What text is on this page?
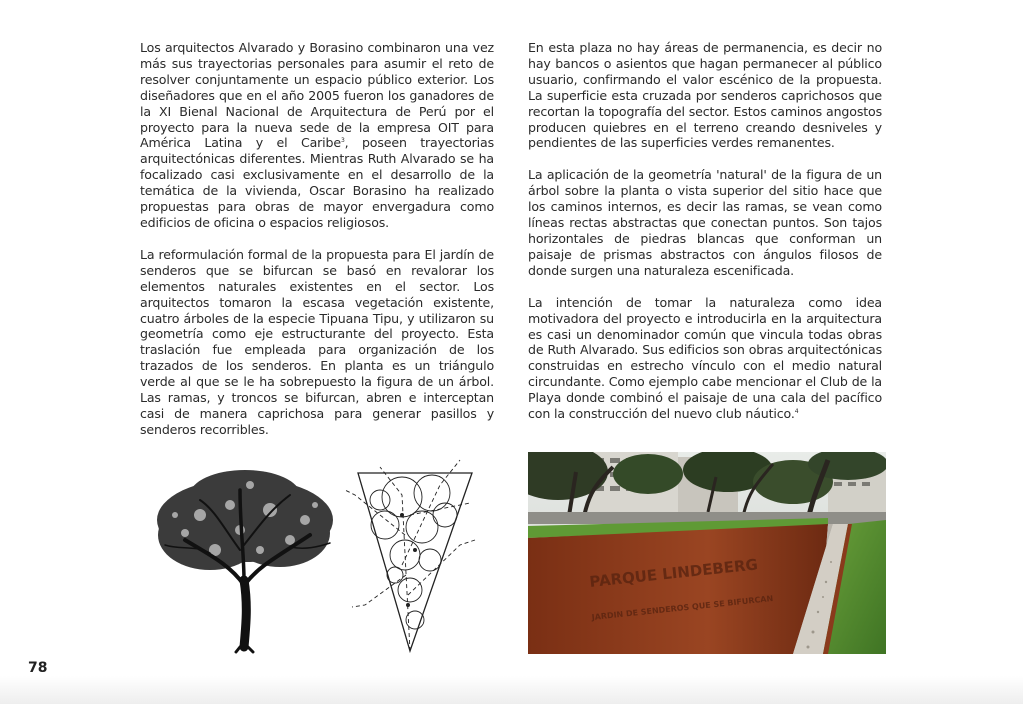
Los arquitectos Alvarado y Borasino combinaron una vez más sus trayectorias personales para asumir el reto de resolver conjuntamente un espacio público exterior. Los diseñadores que en el año 2005 fueron los ganadores de la XI Bienal Nacional de Arquitectura de Perú por el proyecto para la nueva sede de la empresa OIT para América Latina y el Caribe$^3$, poseen trayectorias arquitectónicas diferentes. Mientras Ruth Alvarado se ha focalizado casi exclusivamente en el desarrollo de la temática de la vivienda, Oscar Borasino ha realizado propuestas para obras de mayor envergadura como edificios de oficina o espacios religiosos.

La reformulación formal de la propuesta para El jardín de senderos que se bifurcan se basó en revalorar los elementos naturales existentes en el sector. Los arquitectos tomaron la escasa vegetación existente, cuatro árboles de la especie Tipuana Tipu, y utilizaron su geometría como eje estructurante del proyecto. Esta traslación fue empleada para organización de los trazados de los senderos. En planta es un triángulo verde al que se le ha sobrepuesto la figura de un árbol. Las ramas, y troncos se bifurcan, abren e interceptan casi de manera caprichosa para generar pasillos y senderos recorribles.

En esta plaza no hay áreas de permanencia, es decir no hay bancos o asientos que hagan permanecer al público usuario, confirmando el valor escénico de la propuesta. La superficie esta cruzada por senderos caprichosos que recortan la topografía del sector. Estos caminos angostos producen quiebres en el terreno creando desniveles y pendientes de las superficies verdes remanentes.

La aplicación de la geometría 'natural' de la figura de un árbol sobre la planta o vista superior del sitio hace que los caminos internos, es decir las ramas, se vean como líneas rectas abstractas que conectan puntos. Son tajos horizontales de piedras blancas que conforman un paisaje de prismas abstractos con ángulos filosos de donde surgen una naturaleza escenificada.

La intención de tomar la naturaleza como idea motivadora del proyecto e introducirla en la arquitectura es casi un denominador común que vincula todas obras de Ruth Alvarado. Sus edificios son obras arquitectónicas construidas en estrecho vínculo con el medio natural circundante. Como ejemplo cabe mencionar el Club de la Playa donde combinó el paisaje de una cala del pacífico con la construcción del nuevo club náutico.$^4$

PARQUE LINDEBERG
JARDIN DE SENDEROS QUE SE BIFURCAN
78
